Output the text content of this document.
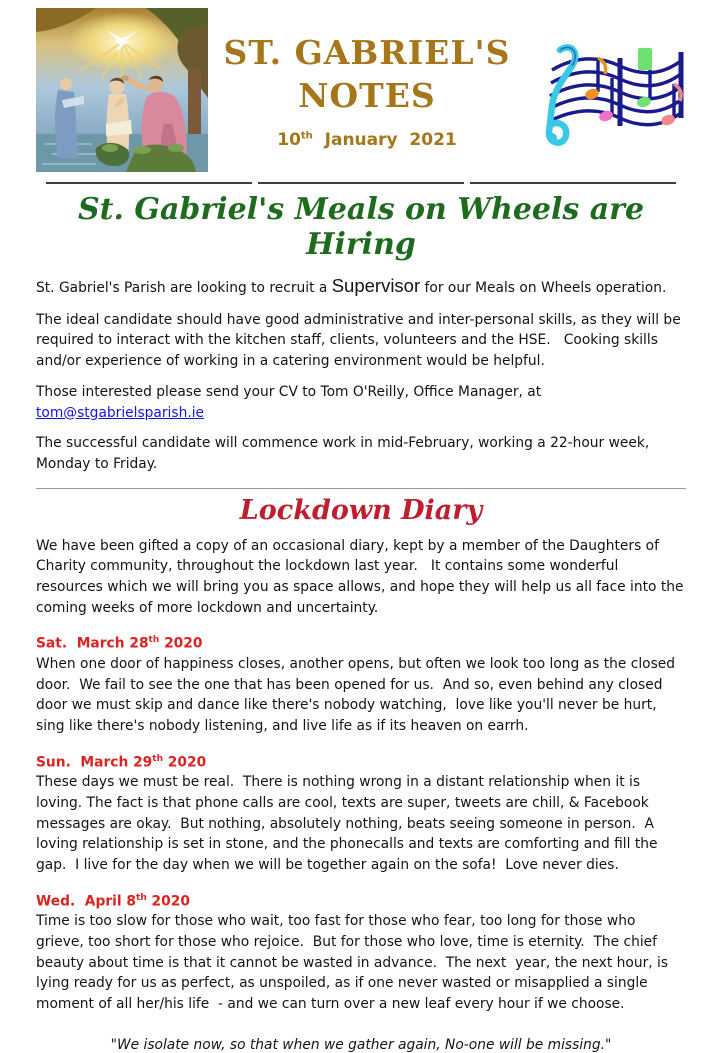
ST. GABRIEL'S
NOTES
10th  January  2021
St. Gabriel's Meals on Wheels are Hiring

St. Gabriel's Parish are looking to recruit a Supervisor for our Meals on Wheels operation.

The ideal candidate should have good administrative and inter-personal skills, as they will be required to interact with the kitchen staff, clients, volunteers and the HSE.   Cooking skills and/or experience of working in a catering environment would be helpful.

Those interested please send your CV to Tom O'Reilly, Office Manager, at tom@stgabrielsparish.ie

The successful candidate will commence work in mid-February, working a 22-hour week, Monday to Friday.

Lockdown Diary

We have been gifted a copy of an occasional diary, kept by a member of the Daughters of Charity community, throughout the lockdown last year.   It contains some wonderful resources which we will bring you as space allows, and hope they will help us all face into the coming weeks of more lockdown and uncertainty.

Sat.  March 28th 2020

When one door of happiness closes, another opens, but often we look too long as the closed door.  We fail to see the one that has been opened for us.  And so, even behind any closed door we must skip and dance like there's nobody watching,  love like you'll never be hurt, sing like there's nobody listening, and live life as if its heaven on earrh.

Sun.  March 29th 2020

These days we must be real.  There is nothing wrong in a distant relationship when it is loving. The fact is that phone calls are cool, texts are super, tweets are chill, & Facebook messages are okay.  But nothing, absolutely nothing, beats seeing someone in person.  A loving relationship is set in stone, and the phonecalls and texts are comforting and fill the gap.  I live for the day when we will be together again on the sofa!  Love never dies.

Wed.  April 8th 2020

Time is too slow for those who wait, too fast for those who fear, too long for those who grieve, too short for those who rejoice.  But for those who love, time is eternity.  The chief beauty about time is that it cannot be wasted in advance.  The next  year, the next hour, is lying ready for us as perfect, as unspoiled, as if one never wasted or misapplied a single moment of all her/his life  - and we can turn over a new leaf every hour if we choose.

"We isolate now, so that when we gather again, No-one will be missing."
